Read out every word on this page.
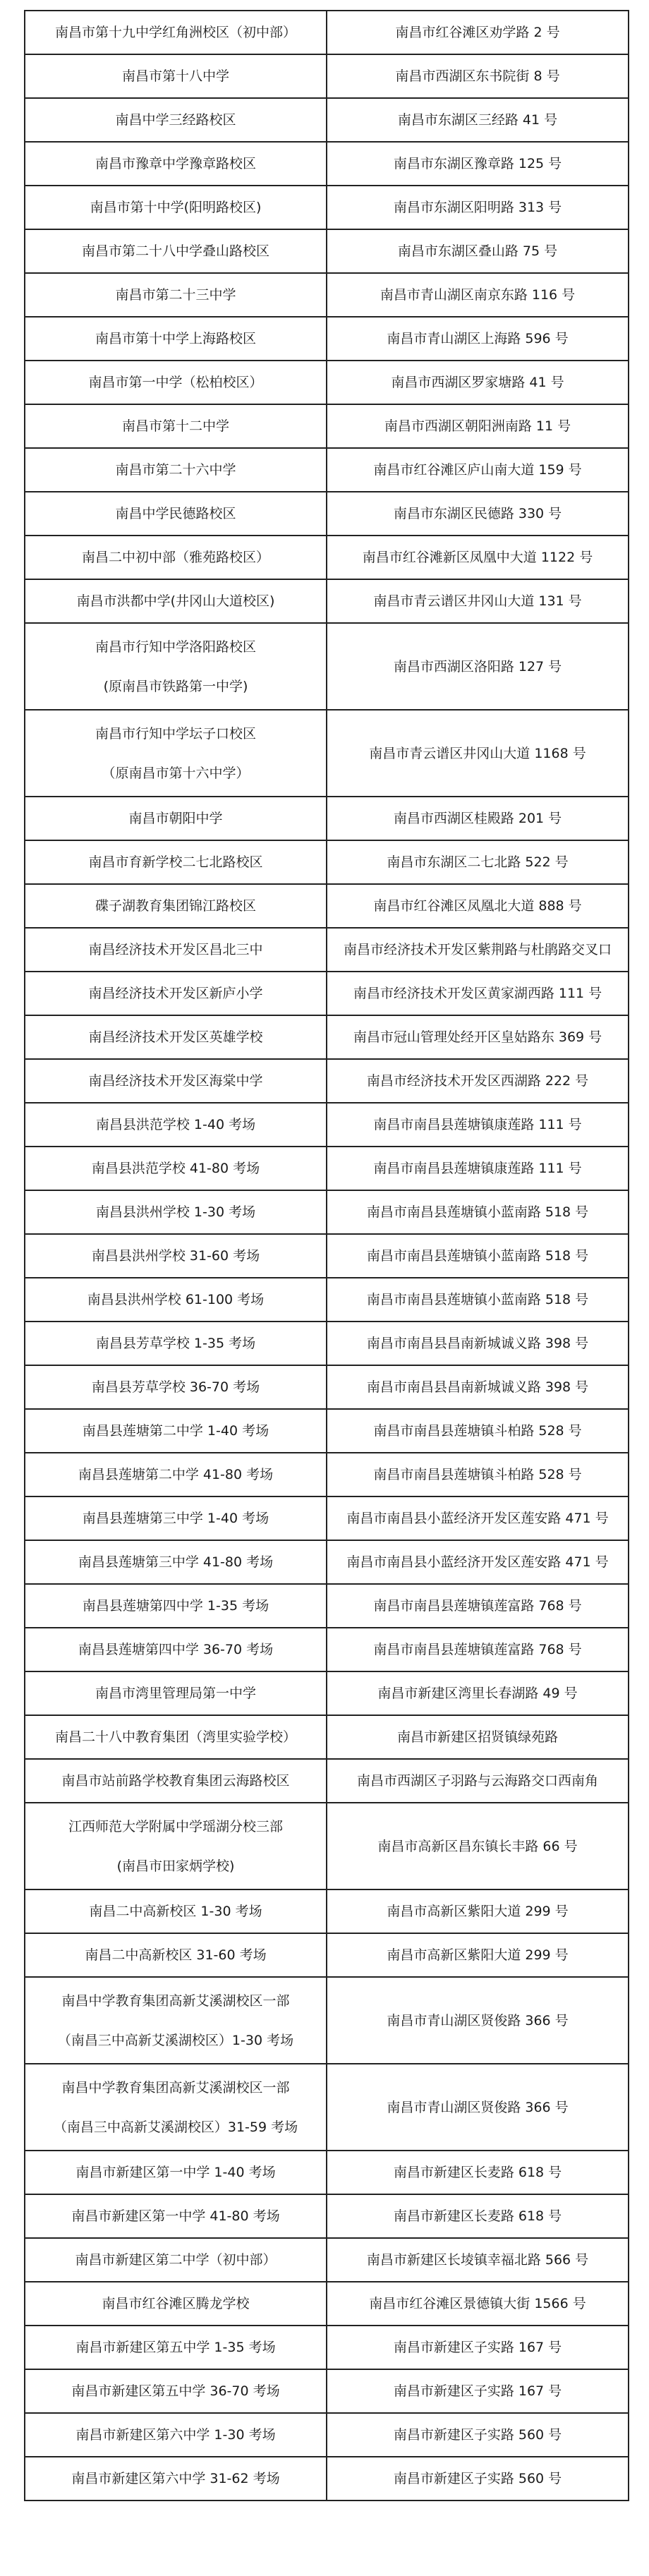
南昌市第十九中学红角洲校区（初中部）	南昌市红谷滩区劝学路 2 号

南昌市第十八中学	南昌市西湖区东书院街 8 号

南昌中学三经路校区	南昌市东湖区三经路 41 号

南昌市豫章中学豫章路校区	南昌市东湖区豫章路 125 号

南昌市第十中学(阳明路校区)	南昌市东湖区阳明路 313 号

南昌市第二十八中学叠山路校区	南昌市东湖区叠山路 75 号

南昌市第二十三中学	南昌市青山湖区南京东路 116 号

南昌市第十中学上海路校区	南昌市青山湖区上海路 596 号

南昌市第一中学（松柏校区）	南昌市西湖区罗家塘路 41 号

南昌市第十二中学	南昌市西湖区朝阳洲南路 11 号

南昌市第二十六中学	南昌市红谷滩区庐山南大道 159 号

南昌中学民德路校区	南昌市东湖区民德路 330 号

南昌二中初中部（雅苑路校区）	南昌市红谷滩新区凤凰中大道 1122 号

南昌市洪都中学(井冈山大道校区)	南昌市青云谱区井冈山大道 131 号

南昌市行知中学洛阳路校区
(原南昌市铁路第一中学)	南昌市西湖区洛阳路 127 号

南昌市行知中学坛子口校区
（原南昌市第十六中学）	南昌市青云谱区井冈山大道 1168 号

南昌市朝阳中学	南昌市西湖区桂殿路 201 号

南昌市育新学校二七北路校区	南昌市东湖区二七北路 522 号

碟子湖教育集团锦江路校区	南昌市红谷滩区凤凰北大道 888 号

南昌经济技术开发区昌北三中	南昌市经济技术开发区紫荆路与杜鹃路交叉口

南昌经济技术开发区新庐小学	南昌市经济技术开发区黄家湖西路 111 号

南昌经济技术开发区英雄学校	南昌市冠山管理处经开区皇姑路东 369 号

南昌经济技术开发区海棠中学	南昌市经济技术开发区西湖路 222 号

南昌县洪范学校 1-40 考场	南昌市南昌县莲塘镇康莲路 111 号

南昌县洪范学校 41-80 考场	南昌市南昌县莲塘镇康莲路 111 号

南昌县洪州学校 1-30 考场	南昌市南昌县莲塘镇小蓝南路 518 号

南昌县洪州学校 31-60 考场	南昌市南昌县莲塘镇小蓝南路 518 号

南昌县洪州学校 61-100 考场	南昌市南昌县莲塘镇小蓝南路 518 号

南昌县芳草学校 1-35 考场	南昌市南昌县昌南新城诚义路 398 号

南昌县芳草学校 36-70 考场	南昌市南昌县昌南新城诚义路 398 号

南昌县莲塘第二中学 1-40 考场	南昌市南昌县莲塘镇斗柏路 528 号

南昌县莲塘第二中学 41-80 考场	南昌市南昌县莲塘镇斗柏路 528 号

南昌县莲塘第三中学 1-40 考场	南昌市南昌县小蓝经济开发区莲安路 471 号

南昌县莲塘第三中学 41-80 考场	南昌市南昌县小蓝经济开发区莲安路 471 号

南昌县莲塘第四中学 1-35 考场	南昌市南昌县莲塘镇莲富路 768 号

南昌县莲塘第四中学 36-70 考场	南昌市南昌县莲塘镇莲富路 768 号

南昌市湾里管理局第一中学	南昌市新建区湾里长春湖路 49 号

南昌二十八中教育集团（湾里实验学校）	南昌市新建区招贤镇绿苑路

南昌市站前路学校教育集团云海路校区	南昌市西湖区子羽路与云海路交口西南角

江西师范大学附属中学瑶湖分校三部
(南昌市田家炳学校)	南昌市高新区昌东镇长丰路 66 号

南昌二中高新校区 1-30 考场	南昌市高新区紫阳大道 299 号

南昌二中高新校区 31-60 考场	南昌市高新区紫阳大道 299 号

南昌中学教育集团高新艾溪湖校区一部
（南昌三中高新艾溪湖校区）1-30 考场	南昌市青山湖区贤俊路 366 号

南昌中学教育集团高新艾溪湖校区一部
（南昌三中高新艾溪湖校区）31-59 考场	南昌市青山湖区贤俊路 366 号

南昌市新建区第一中学 1-40 考场	南昌市新建区长麦路 618 号

南昌市新建区第一中学 41-80 考场	南昌市新建区长麦路 618 号

南昌市新建区第二中学（初中部）	南昌市新建区长堎镇幸福北路 566 号

南昌市红谷滩区腾龙学校	南昌市红谷滩区景德镇大街 1566 号

南昌市新建区第五中学 1-35 考场	南昌市新建区子实路 167 号

南昌市新建区第五中学 36-70 考场	南昌市新建区子实路 167 号

南昌市新建区第六中学 1-30 考场	南昌市新建区子实路 560 号

南昌市新建区第六中学 31-62 考场	南昌市新建区子实路 560 号
